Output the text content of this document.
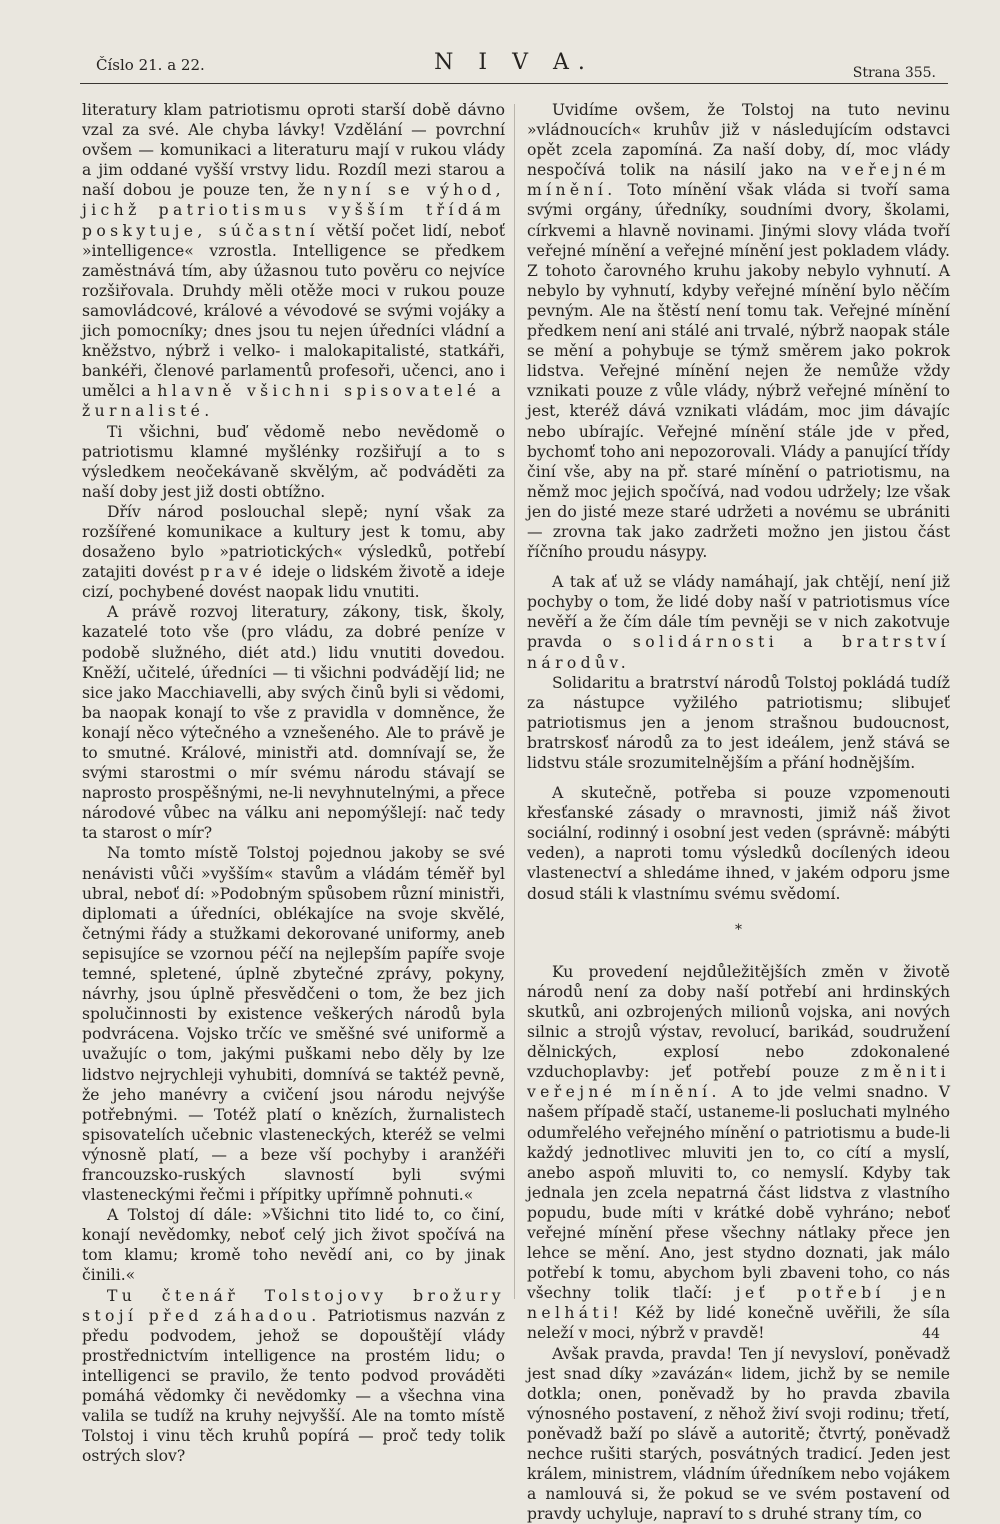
Číslo 21. a 22.	N I V A.	Strana 355.

literatury klam patriotismu oproti starší době dávno vzal za své. Ale chyba lávky! Vzdělání — povrchní ovšem — komunikaci a literaturu mají v rukou vlády a jim oddané vyšší vrstvy lidu. Rozdíl mezi starou a naší dobou je pouze ten, že nyní se výhod, jichž patriotismus vyšším třídám poskytuje, súčastní větší počet lidí, neboť »intelligence« vzrostla. Intelligence se předkem zaměstnává tím, aby úžasnou tuto pověru co nejvíce rozšiřovala. Druhdy měli otěže moci v rukou pouze samovládcové, králové a vévodové se svými vojáky a jich pomocníky; dnes jsou tu nejen úředníci vládní a kněžstvo, nýbrž i velko- i malokapitalisté, statkáři, bankéři, členové parlamentů profesoři, učenci, ano i umělci a hlavně všichni spisovatelé a žurnalisté.

Ti všichni, buď vědomě nebo nevědomě o patriotismu klamné myšlénky rozšiřují a to s výsledkem neočekávaně skvělým, ač podváděti za naší doby jest již dosti obtížno.

Dřív národ poslouchal slepě; nyní však za rozšířené komunikace a kultury jest k tomu, aby dosaženo bylo »patriotických« výsledků, potřebí zatajiti dovést pravé ideje o lidském životě a ideje cizí, pochybené dovést naopak lidu vnutiti.

A právě rozvoj literatury, zákony, tisk, školy, kazatelé toto vše (pro vládu, za dobré peníze v podobě služného, diét atd.) lidu vnutiti dovedou. Kněží, učitelé, úředníci — ti všichni podvádějí lid; ne sice jako Macchiavelli, aby svých činů byli si vědomi, ba naopak konají to vše z pravidla v domněnce, že konají něco výtečného a vznešeného. Ale to právě je to smutné. Králové, ministři atd. domnívají se, že svými starostmi o mír svému národu stávají se naprosto prospěšnými, ne-li nevyhnutelnými, a přece národové vůbec na válku ani nepomýšlejí: nač tedy ta starost o mír?

Na tomto místě Tolstoj pojednou jakoby se své nenávisti vůči »vyšším« stavům a vládám téměř byl ubral, neboť dí: »Podobným spůsobem různí ministři, diplomati a úředníci, oblékajíce na svoje skvělé, četnými řády a stužkami dekorované uniformy, aneb sepisujíce se vzornou péčí na nejlepším papíře svoje temné, spletené, úplně zbytečné zprávy, pokyny, návrhy, jsou úplně přesvědčeni o tom, že bez jich spolučinnosti by existence veškerých národů byla podvrácena. Vojsko trčíc ve směšné své uniformě a uvažujíc o tom, jakými puškami nebo děly by lze lidstvo nejrychleji vyhubiti, domnívá se taktéž pevně, že jeho manévry a cvičení jsou národu nejvýše potřebnými. — Totéž platí o knězích, žurnalistech spisovatelích učebnic vlasteneckých, kteréž se velmi výnosně platí, — a beze vší pochyby i aranžéři francouzsko-ruských slavností byli svými vlasteneckými řečmi i přípitky upřímně pohnuti.«

A Tolstoj dí dále: »Všichni tito lidé to, co činí, konají nevědomky, neboť celý jich život spočívá na tom klamu; kromě toho nevědí ani, co by jinak činili.«

Tu čtenář Tolstojovy brožury stojí před záhadou. Patriotismus nazván z předu podvodem, jehož se dopouštějí vlády prostřednictvím intelligence na prostém lidu; o intelligenci se pravilo, že tento podvod prováděti pomáhá vědomky či nevědomky — a všechna vina valila se tudíž na kruhy nejvyšší. Ale na tomto místě Tolstoj i vinu těch kruhů popírá — proč tedy tolik ostrých slov?

Uvidíme ovšem, že Tolstoj na tuto nevinu »vládnoucích« kruhův již v následujícím odstavci opět zcela zapomíná. Za naší doby, dí, moc vlády nespočívá tolik na násilí jako na veřejném mínění. Toto mínění však vláda si tvoří sama svými orgány, úředníky, soudními dvory, školami, církvemi a hlavně novinami. Jinými slovy vláda tvoří veřejné mínění a veřejné mínění jest pokladem vlády. Z tohoto čarovného kruhu jakoby nebylo vyhnutí. A nebylo by vyhnutí, kdyby veřejné mínění bylo něčím pevným. Ale na štěstí není tomu tak. Veřejné mínění předkem není ani stálé ani trvalé, nýbrž naopak stále se mění a pohybuje se týmž směrem jako pokrok lidstva. Veřejné mínění nejen že nemůže vždy vznikati pouze z vůle vlády, nýbrž veřejné mínění to jest, kteréž dává vznikati vládám, moc jim dávajíc nebo ubírajíc. Veřejné mínění stále jde v před, bychomť toho ani nepozorovali. Vlády a panující třídy činí vše, aby na př. staré mínění o patriotismu, na němž moc jejich spočívá, nad vodou udržely; lze však jen do jisté meze staré udržeti a novému se ubrániti — zrovna tak jako zadržeti možno jen jistou část říčního proudu násypy.

A tak ať už se vlády namáhají, jak chtějí, není již pochyby o tom, že lidé doby naší v patriotismus více nevěří a že čím dále tím pevněji se v nich zakotvuje pravda o solidárnosti a bratrství národův.

Solidaritu a bratrství národů Tolstoj pokládá tudíž za nástupce vyžilého patriotismu; slibujeť patriotismus jen a jenom strašnou budoucnost, bratrskosť národů za to jest ideálem, jenž stává se lidstvu stále srozumitelnějším a přání hodnějším.

A skutečně, potřeba si pouze vzpomenouti křesťanské zásady o mravnosti, jimiž náš život sociální, rodinný i osobní jest veden (správně: mábýti veden), a naproti tomu výsledků docílených ideou vlastenectví a shledáme ihned, v jakém odporu jsme dosud stáli k vlastnímu svému svědomí.

*

Ku provedení nejdůležitějších změn v životě národů není za doby naší potřebí ani hrdinských skutků, ani ozbrojených milionů vojska, ani nových silnic a strojů výstav, revolucí, barikád, soudružení dělnických, explosí nebo zdokonalené vzduchoplavby: jeť potřebí pouze změniti veřejné mínění. A to jde velmi snadno. V našem případě stačí, ustaneme-li posluchati mylného odumřelého veřejného mínění o patriotismu a bude-li každý jednotlivec mluviti jen to, co cítí a myslí, anebo aspoň mluviti to, co nemyslí. Kdyby tak jednala jen zcela nepatrná část lidstva z vlastního popudu, bude míti v krátké době vyhráno; neboť veřejné mínění přese všechny nátlaky přece jen lehce se mění. Ano, jest stydno doznati, jak málo potřebí k tomu, abychom byli zbaveni toho, co nás všechny tolik tlačí: jeť potřebí jen nelháti! Kéž by lidé konečně uvěřili, že síla neleží v moci, nýbrž v pravdě!

Avšak pravda, pravda! Ten jí nevysloví, poněvadž jest snad díky »zavázán« lidem, jichž by se nemile dotkla; onen, poněvadž by ho pravda zbavila výnosného postavení, z něhož živí svoji rodinu; třetí, poněvadž baží po slávě a autoritě; čtvrtý, poněvadž nechce rušiti starých, posvátných tradicí. Jeden jest králem, ministrem, vládním úředníkem nebo vojákem a namlouvá si, že pokud se ve svém postavení od pravdy uchyluje, napraví to s druhé strany tím, co

44
